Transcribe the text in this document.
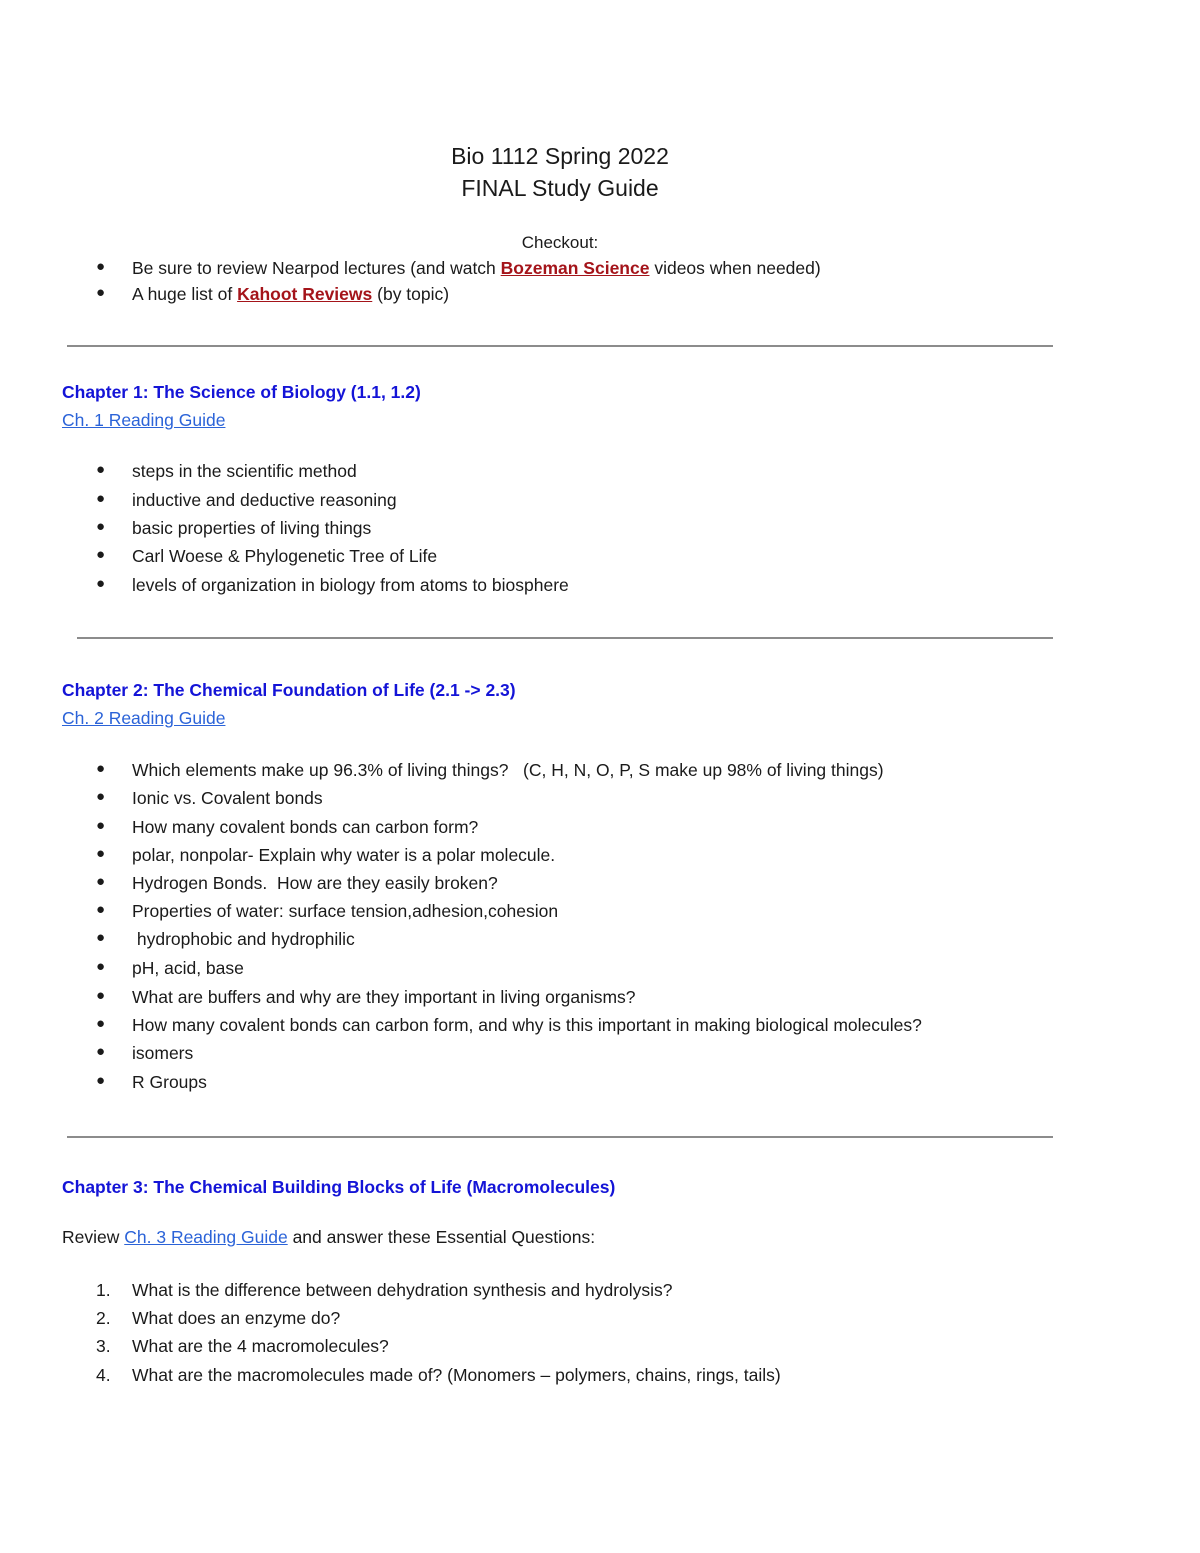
Bio 1112 Spring 2022
FINAL Study Guide
Checkout:
● Be sure to review Nearpod lectures (and watch Bozeman Science videos when needed)
● A huge list of Kahoot Reviews (by topic)
Chapter 1: The Science of Biology (1.1, 1.2)
Ch. 1 Reading Guide
● steps in the scientific method
● inductive and deductive reasoning
● basic properties of living things
● Carl Woese & Phylogenetic Tree of Life
● levels of organization in biology from atoms to biosphere
Chapter 2: The Chemical Foundation of Life (2.1 -> 2.3)
Ch. 2 Reading Guide
● Which elements make up 96.3% of living things?   (C, H, N, O, P, S make up 98% of living things)
● Ionic vs. Covalent bonds
● How many covalent bonds can carbon form?
● polar, nonpolar- Explain why water is a polar molecule.
● Hydrogen Bonds.  How are they easily broken?
● Properties of water: surface tension,adhesion,cohesion
● hydrophobic and hydrophilic
● pH, acid, base
● What are buffers and why are they important in living organisms?
● How many covalent bonds can carbon form, and why is this important in making biological molecules?
● isomers
● R Groups
Chapter 3: The Chemical Building Blocks of Life (Macromolecules)
Review Ch. 3 Reading Guide and answer these Essential Questions:
1. What is the difference between dehydration synthesis and hydrolysis?
2. What does an enzyme do?
3. What are the 4 macromolecules?
4. What are the macromolecules made of? (Monomers – polymers, chains, rings, tails)
